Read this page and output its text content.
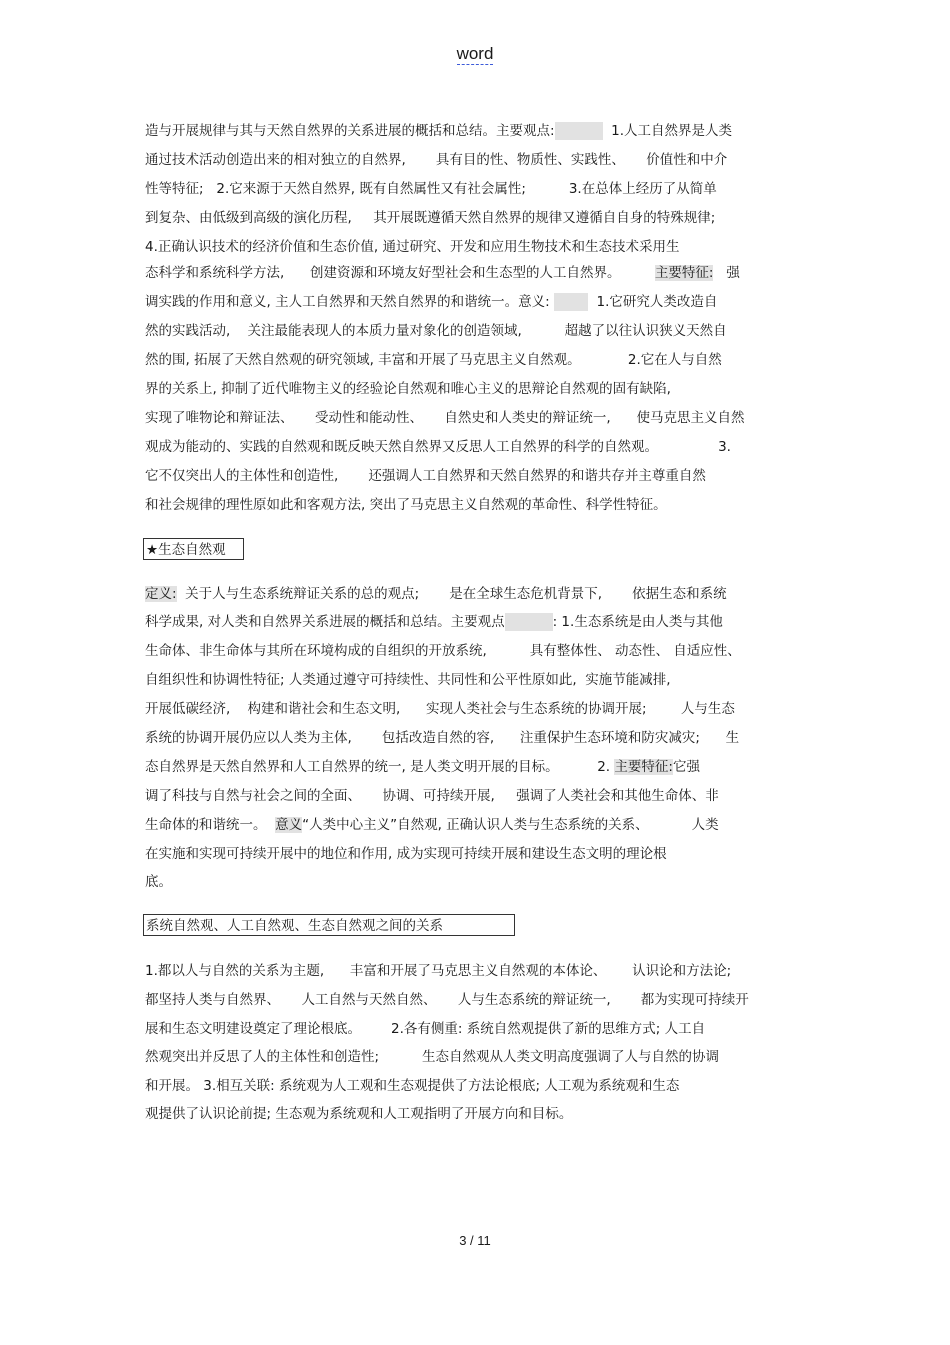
word
造与开展规律与其与天然自然界的关系进展的概括和总结。主要观点:	1.人工自然界是人类
通过技术活动创造出来的相对独立的自然界,       具有目的性、物质性、实践性、     价值性和中介
性等特征;   2.它来源于天然自然界, 既有自然属性又有社会属性;          3.在总体上经历了从简单
到复杂、由低级到高级的演化历程,     其开展既遵循天然自然界的规律又遵循自自身的特殊规律;
4.正确认识技术的经济价值和生态价值, 通过研究、开发和应用生物技术和生态技术采用生
态科学和系统科学方法,      创建资源和环境友好型社会和生态型的人工自然界。	主要特征: 强
调实践的作用和意义, 主人工自然界和天然自然界的和谐统一。意义:	1.它研究人类改造自
然的实践活动,    关注最能表现人的本质力量对象化的创造领域,          超越了以往认识狭义天然自
然的围, 拓展了天然自然观的研究领域, 丰富和开展了马克思主义自然观。	2.它在人与自然
界的关系上, 抑制了近代唯物主义的经验论自然观和唯心主义的思辩论自然观的固有缺陷,
实现了唯物论和辩证法、     受动性和能动性、     自然史和人类史的辩证统一,      使马克思主义自然
观成为能动的、实践的自然观和既反映天然自然界又反思人工自然界的科学的自然观。	3.
它不仅突出人的主体性和创造性,       还强调人工自然界和天然自然界的和谐共存并主尊重自然
和社会规律的理性原如此和客观方法, 突出了马克思主义自然观的革命性、科学性特征。
★生态自然观
定义: 关于人与生态系统辩证关系的总的观点;       是在全球生态危机背景下,       依据生态和系统
科学成果, 对人类和自然界关系进展的概括和总结。主要观点	: 1.生态系统是由人类与其他
生命体、非生命体与其所在环境构成的自组织的开放系统,          具有整体性、 动态性、 自适应性、
自组织性和协调性特征; 人类通过遵守可持续性、共同性和公平性原如此,  实施节能减排,
开展低碳经济,    构建和谐社会和生态文明,      实现人类社会与生态系统的协调开展;        人与生态
系统的协调开展仍应以人类为主体,       包括改造自然的容,      注重保护生态环境和防灾减灾;      生
态自然界是天然自然界和人工自然界的统一, 是人类文明开展的目标。	2. 主要特征:它强
调了科技与自然与社会之间的全面、     协调、可持续开展,     强调了人类社会和其他生命体、非
生命体的和谐统一。 意义“人类中心主义”自然观, 正确认识人类与生态系统的关系、          人类
在实施和实现可持续开展中的地位和作用, 成为实现可持续开展和建设生态文明的理论根
底。
系统自然观、人工自然观、生态自然观之间的关系
1.都以人与自然的关系为主题,      丰富和开展了马克思主义自然观的本体论、      认识论和方法论;
都坚持人类与自然界、     人工自然与天然自然、     人与生态系统的辩证统一,       都为实现可持续开
展和生态文明建设奠定了理论根底。       2.各有侧重: 系统自然观提供了新的思维方式; 人工自
然观突出并反思了人的主体性和创造性;          生态自然观从人类文明高度强调了人与自然的协调
和开展。 3.相互关联: 系统观为人工观和生态观提供了方法论根底; 人工观为系统观和生态
观提供了认识论前提; 生态观为系统观和人工观指明了开展方向和目标。
3 / 11
